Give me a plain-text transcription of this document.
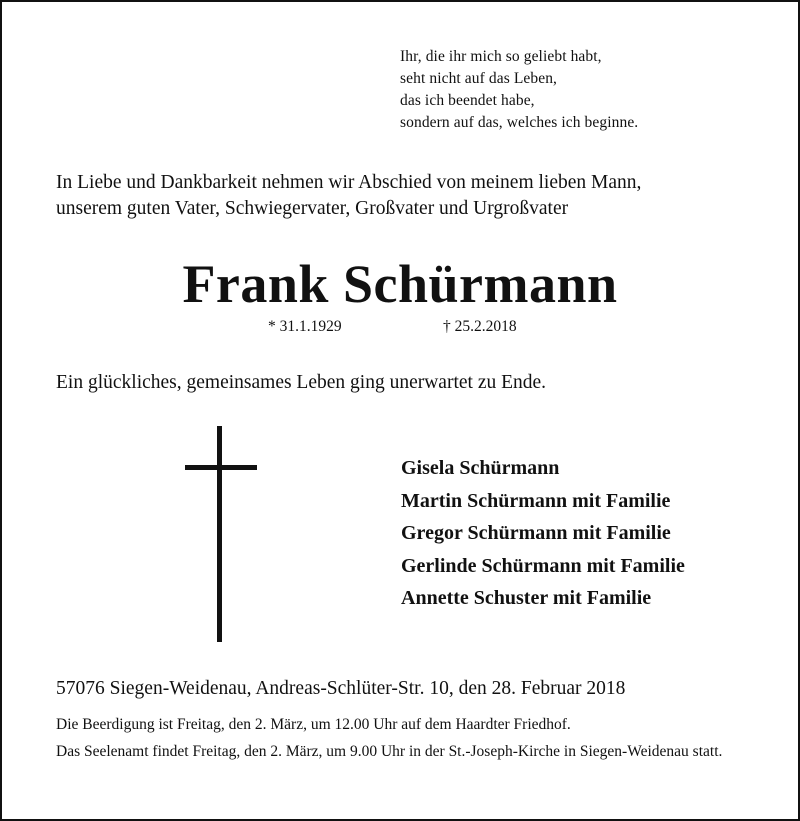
Ihr, die ihr mich so geliebt habt,
seht nicht auf das Leben,
das ich beendet habe,
sondern auf das, welches ich beginne.
In Liebe und Dankbarkeit nehmen wir Abschied von meinem lieben Mann,
unserem guten Vater, Schwiegervater, Großvater und Urgroßvater
Frank Schürmann
* 31.1.1929	† 25.2.2018
Ein glückliches, gemeinsames Leben ging unerwartet zu Ende.
Gisela Schürmann
Martin Schürmann mit Familie
Gregor Schürmann mit Familie
Gerlinde Schürmann mit Familie
Annette Schuster mit Familie
57076 Siegen-Weidenau, Andreas-Schlüter-Str. 10, den 28. Februar 2018
Die Beerdigung ist Freitag, den 2. März, um 12.00 Uhr auf dem Haardter Friedhof.
Das Seelenamt findet Freitag, den 2. März, um 9.00 Uhr in der St.-Joseph-Kirche in Siegen-Weidenau statt.
